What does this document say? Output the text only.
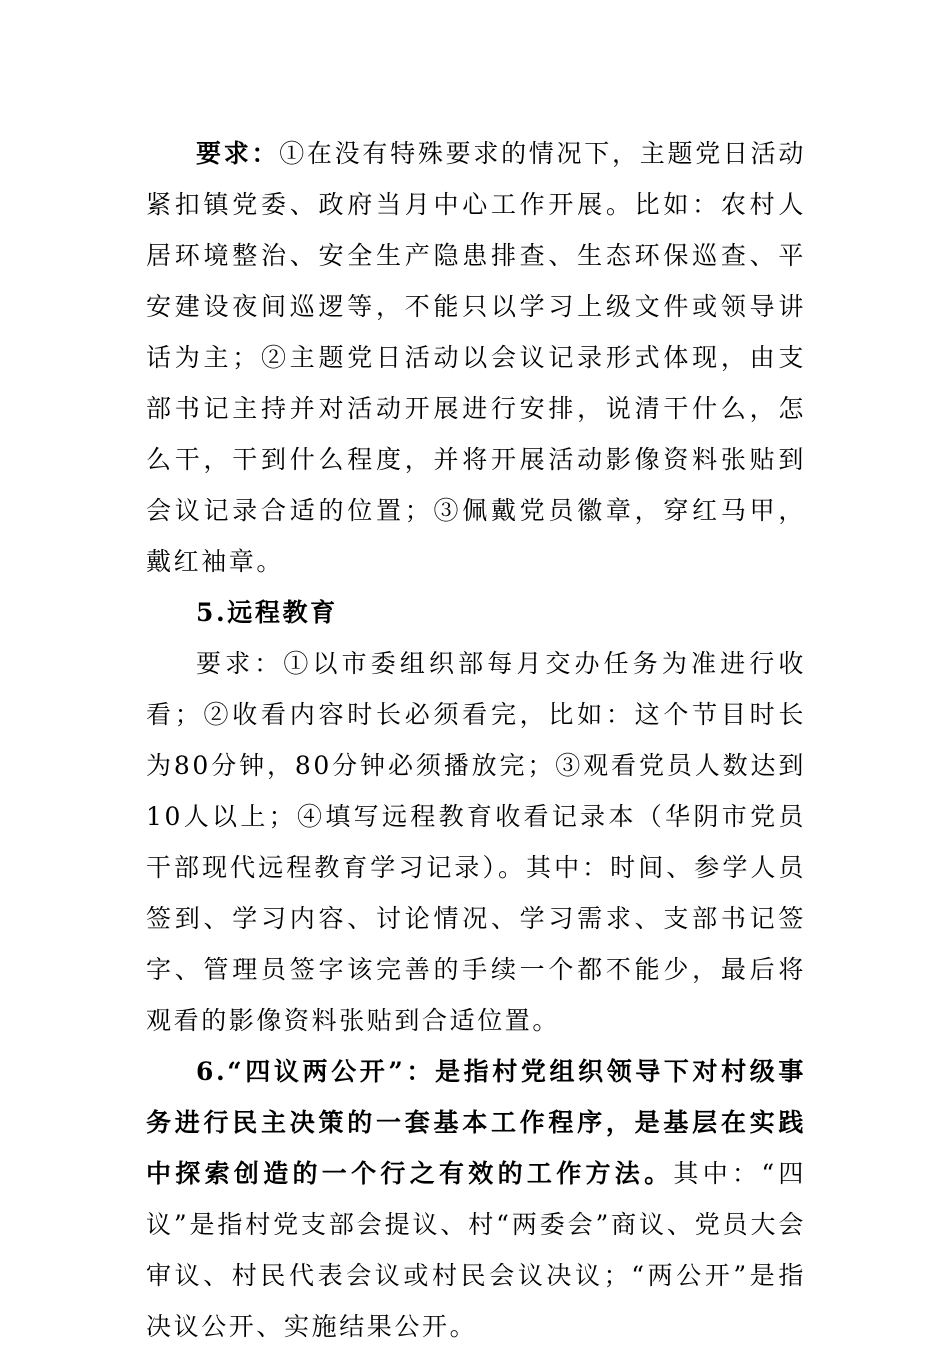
要求：①在没有特殊要求的情况下，主题党日活动紧扣镇党委、政府当月中心工作开展。比如：农村人居环境整治、安全生产隐患排查、生态环保巡查、平安建设夜间巡逻等，不能只以学习上级文件或领导讲话为主；②主题党日活动以会议记录形式体现，由支部书记主持并对活动开展进行安排，说清干什么，怎么干，干到什么程度，并将开展活动影像资料张贴到会议记录合适的位置；③佩戴党员徽章，穿红马甲，戴红袖章。

5.远程教育

要求：①以市委组织部每月交办任务为准进行收看；②收看内容时长必须看完，比如：这个节目时长为80分钟，80分钟必须播放完；③观看党员人数达到10人以上；④填写远程教育收看记录本（华阴市党员干部现代远程教育学习记录）。其中：时间、参学人员签到、学习内容、讨论情况、学习需求、支部书记签字、管理员签字该完善的手续一个都不能少，最后将观看的影像资料张贴到合适位置。

6.“四议两公开”：是指村党组织领导下对村级事务进行民主决策的一套基本工作程序，是基层在实践中探索创造的一个行之有效的工作方法。其中：“四议”是指村党支部会提议、村“两委会”商议、党员大会审议、村民代表会议或村民会议决议；“两公开”是指决议公开、实施结果公开。
